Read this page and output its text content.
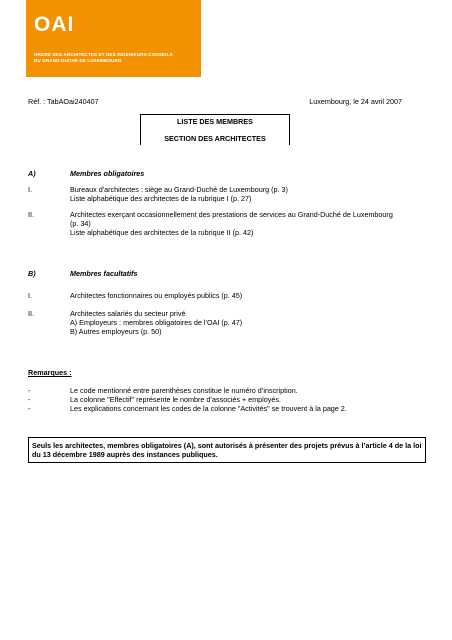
OAI
ORDRE DES ARCHITECTES ET DES INGENIEURS-CONSEILS
DU GRAND-DUCHE DE LUXEMBOURG
Réf. : TabAOai240407	Luxembourg, le 24 avril 2007
LISTE DES MEMBRES
SECTION DES ARCHITECTES
A)	Membres obligatoires
I.	Bureaux d'architectes : siège au Grand-Duché de Luxembourg (p. 3)
Liste alphabétique des architectes de la rubrique I (p. 27)
II.	Architectes exerçant occasionnellement des prestations de services au Grand-Duché de Luxembourg
(p. 34)
Liste alphabétique des architectes de la rubrique II (p. 42)
B)	Membres facultatifs
I.	Architectes fonctionnaires ou employés publics (p. 45)
II.	Architectes salariés du secteur privé
A) Employeurs : membres obligatoires de l’OAI (p. 47)
B) Autres employeurs (p. 50)
Remarques :
-	Le code mentionné entre parenthèses constitue le numéro d’inscription.
-	La colonne "Effectif" représente le nombre d’associés + employés.
-	Les explications concernant les codes de la colonne "Activités" se trouvent à la page 2.
Seuls les architectes, membres obligatoires (A), sont autorisés à présenter des projets prévus à l’article 4 de la loi du 13 décembre 1989 auprès des instances publiques.
